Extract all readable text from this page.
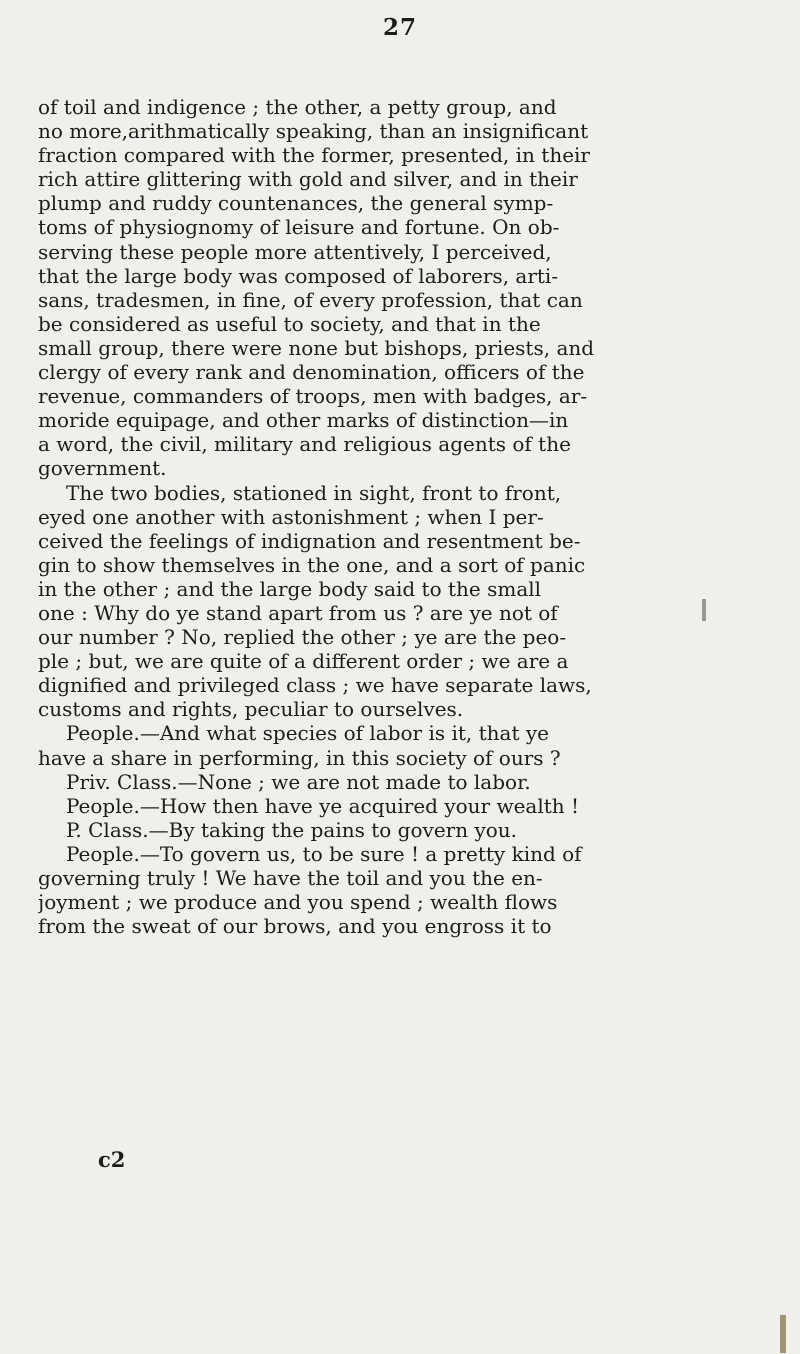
27
of toil and indigence ; the other, a petty group, and
no more,arithmatically speaking, than an insignificant
fraction compared with the former, presented, in their
rich attire glittering with gold and silver, and in their
plump and ruddy countenances, the general symp-
toms of physiognomy of leisure and fortune. On ob-
serving these people more attentively, I perceived,
that the large body was composed of laborers, arti-
sans, tradesmen, in fine, of every profession, that can
be considered as useful to society, and that in the
small group, there were none but bishops, priests, and
clergy of every rank and denomination, officers of the
revenue, commanders of troops, men with badges, ar-
moride equipage, and other marks of distinction—in
a word, the civil, military and religious agents of the
government.
The two bodies, stationed in sight, front to front,
eyed one another with astonishment ; when I per-
ceived the feelings of indignation and resentment be-
gin to show themselves in the one, and a sort of panic
in the other ; and the large body said to the small
one : Why do ye stand apart from us ? are ye not of
our number ? No, replied the other ; ye are the peo-
ple ; but, we are quite of a different order ; we are a
dignified and privileged class ; we have separate laws,
customs and rights, peculiar to ourselves.
People.—And what species of labor is it, that ye
have a share in performing, in this society of ours ?
Priv. Class.—None ; we are not made to labor.
People.—How then have ye acquired your wealth !
P. Class.—By taking the pains to govern you.
People.—To govern us, to be sure ! a pretty kind of
governing truly ! We have the toil and you the en-
joyment ; we produce and you spend ; wealth flows
from the sweat of our brows, and you engross it to
c2
